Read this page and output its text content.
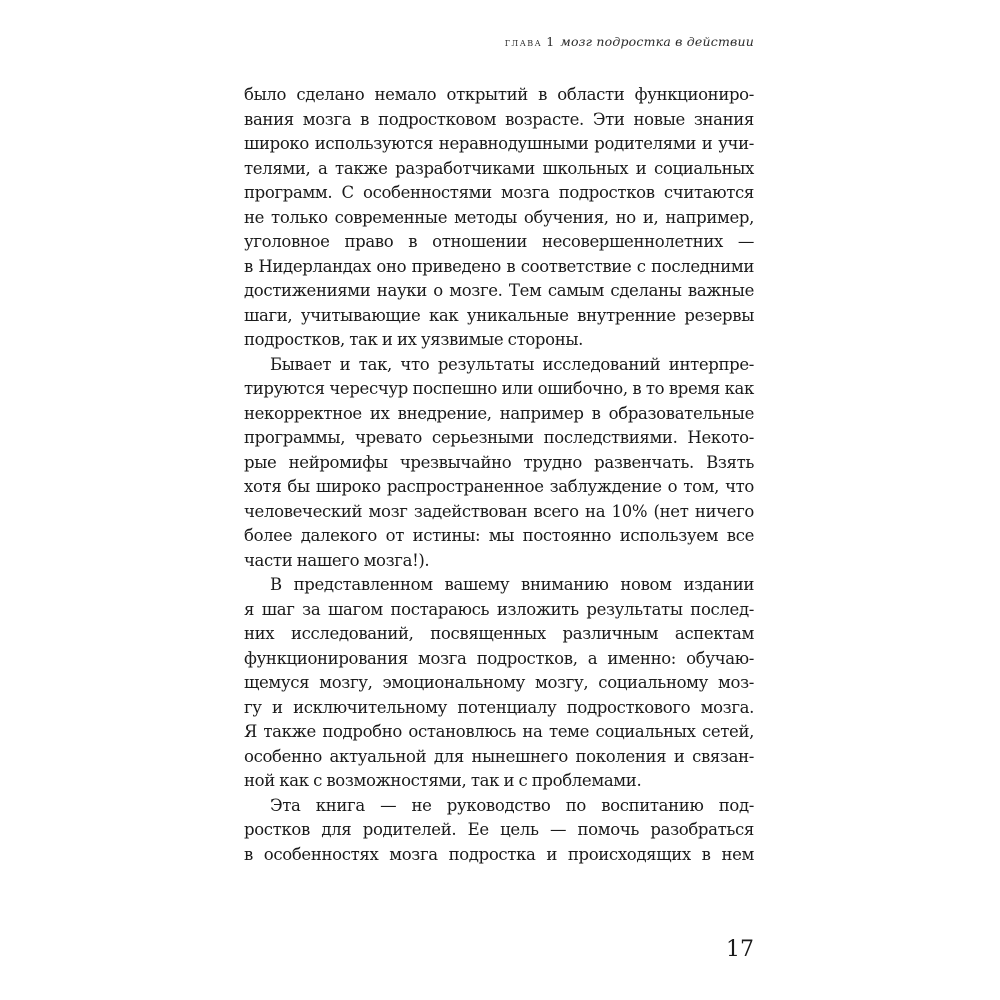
глава 1 мозг подростка в действии
было сделано немало открытий в области функциониро-
вания мозга в подростковом возрасте. Эти новые знания
широко используются неравнодушными родителями и учи-
телями, а также разработчиками школьных и социальных
программ. С особенностями мозга подростков считаются
не только современные методы обучения, но и, например,
уголовное право в отношении несовершеннолетних —
в Нидерландах оно приведено в соответствие с последними
достижениями науки о мозге. Тем самым сделаны важные
шаги, учитывающие как уникальные внутренние резервы
подростков, так и их уязвимые стороны.
Бывает и так, что результаты исследований интерпре-
тируются чересчур поспешно или ошибочно, в то время как
некорректное их внедрение, например в образовательные
программы, чревато серьезными последствиями. Некото-
рые нейромифы чрезвычайно трудно развенчать. Взять
хотя бы широко распространенное заблуждение о том, что
человеческий мозг задействован всего на 10% (нет ничего
более далекого от истины: мы постоянно используем все
части нашего мозга!).
В представленном вашему вниманию новом издании
я шаг за шагом постараюсь изложить результаты послед-
них исследований, посвященных различным аспектам
функционирования мозга подростков, а именно: обучаю-
щемуся мозгу, эмоциональному мозгу, социальному моз-
гу и исключительному потенциалу подросткового мозга.
Я также подробно остановлюсь на теме социальных сетей,
особенно актуальной для нынешнего поколения и связан-
ной как с возможностями, так и с проблемами.
Эта книга — не руководство по воспитанию под-
ростков для родителей. Ее цель — помочь разобраться
в особенностях мозга подростка и происходящих в нем
17
